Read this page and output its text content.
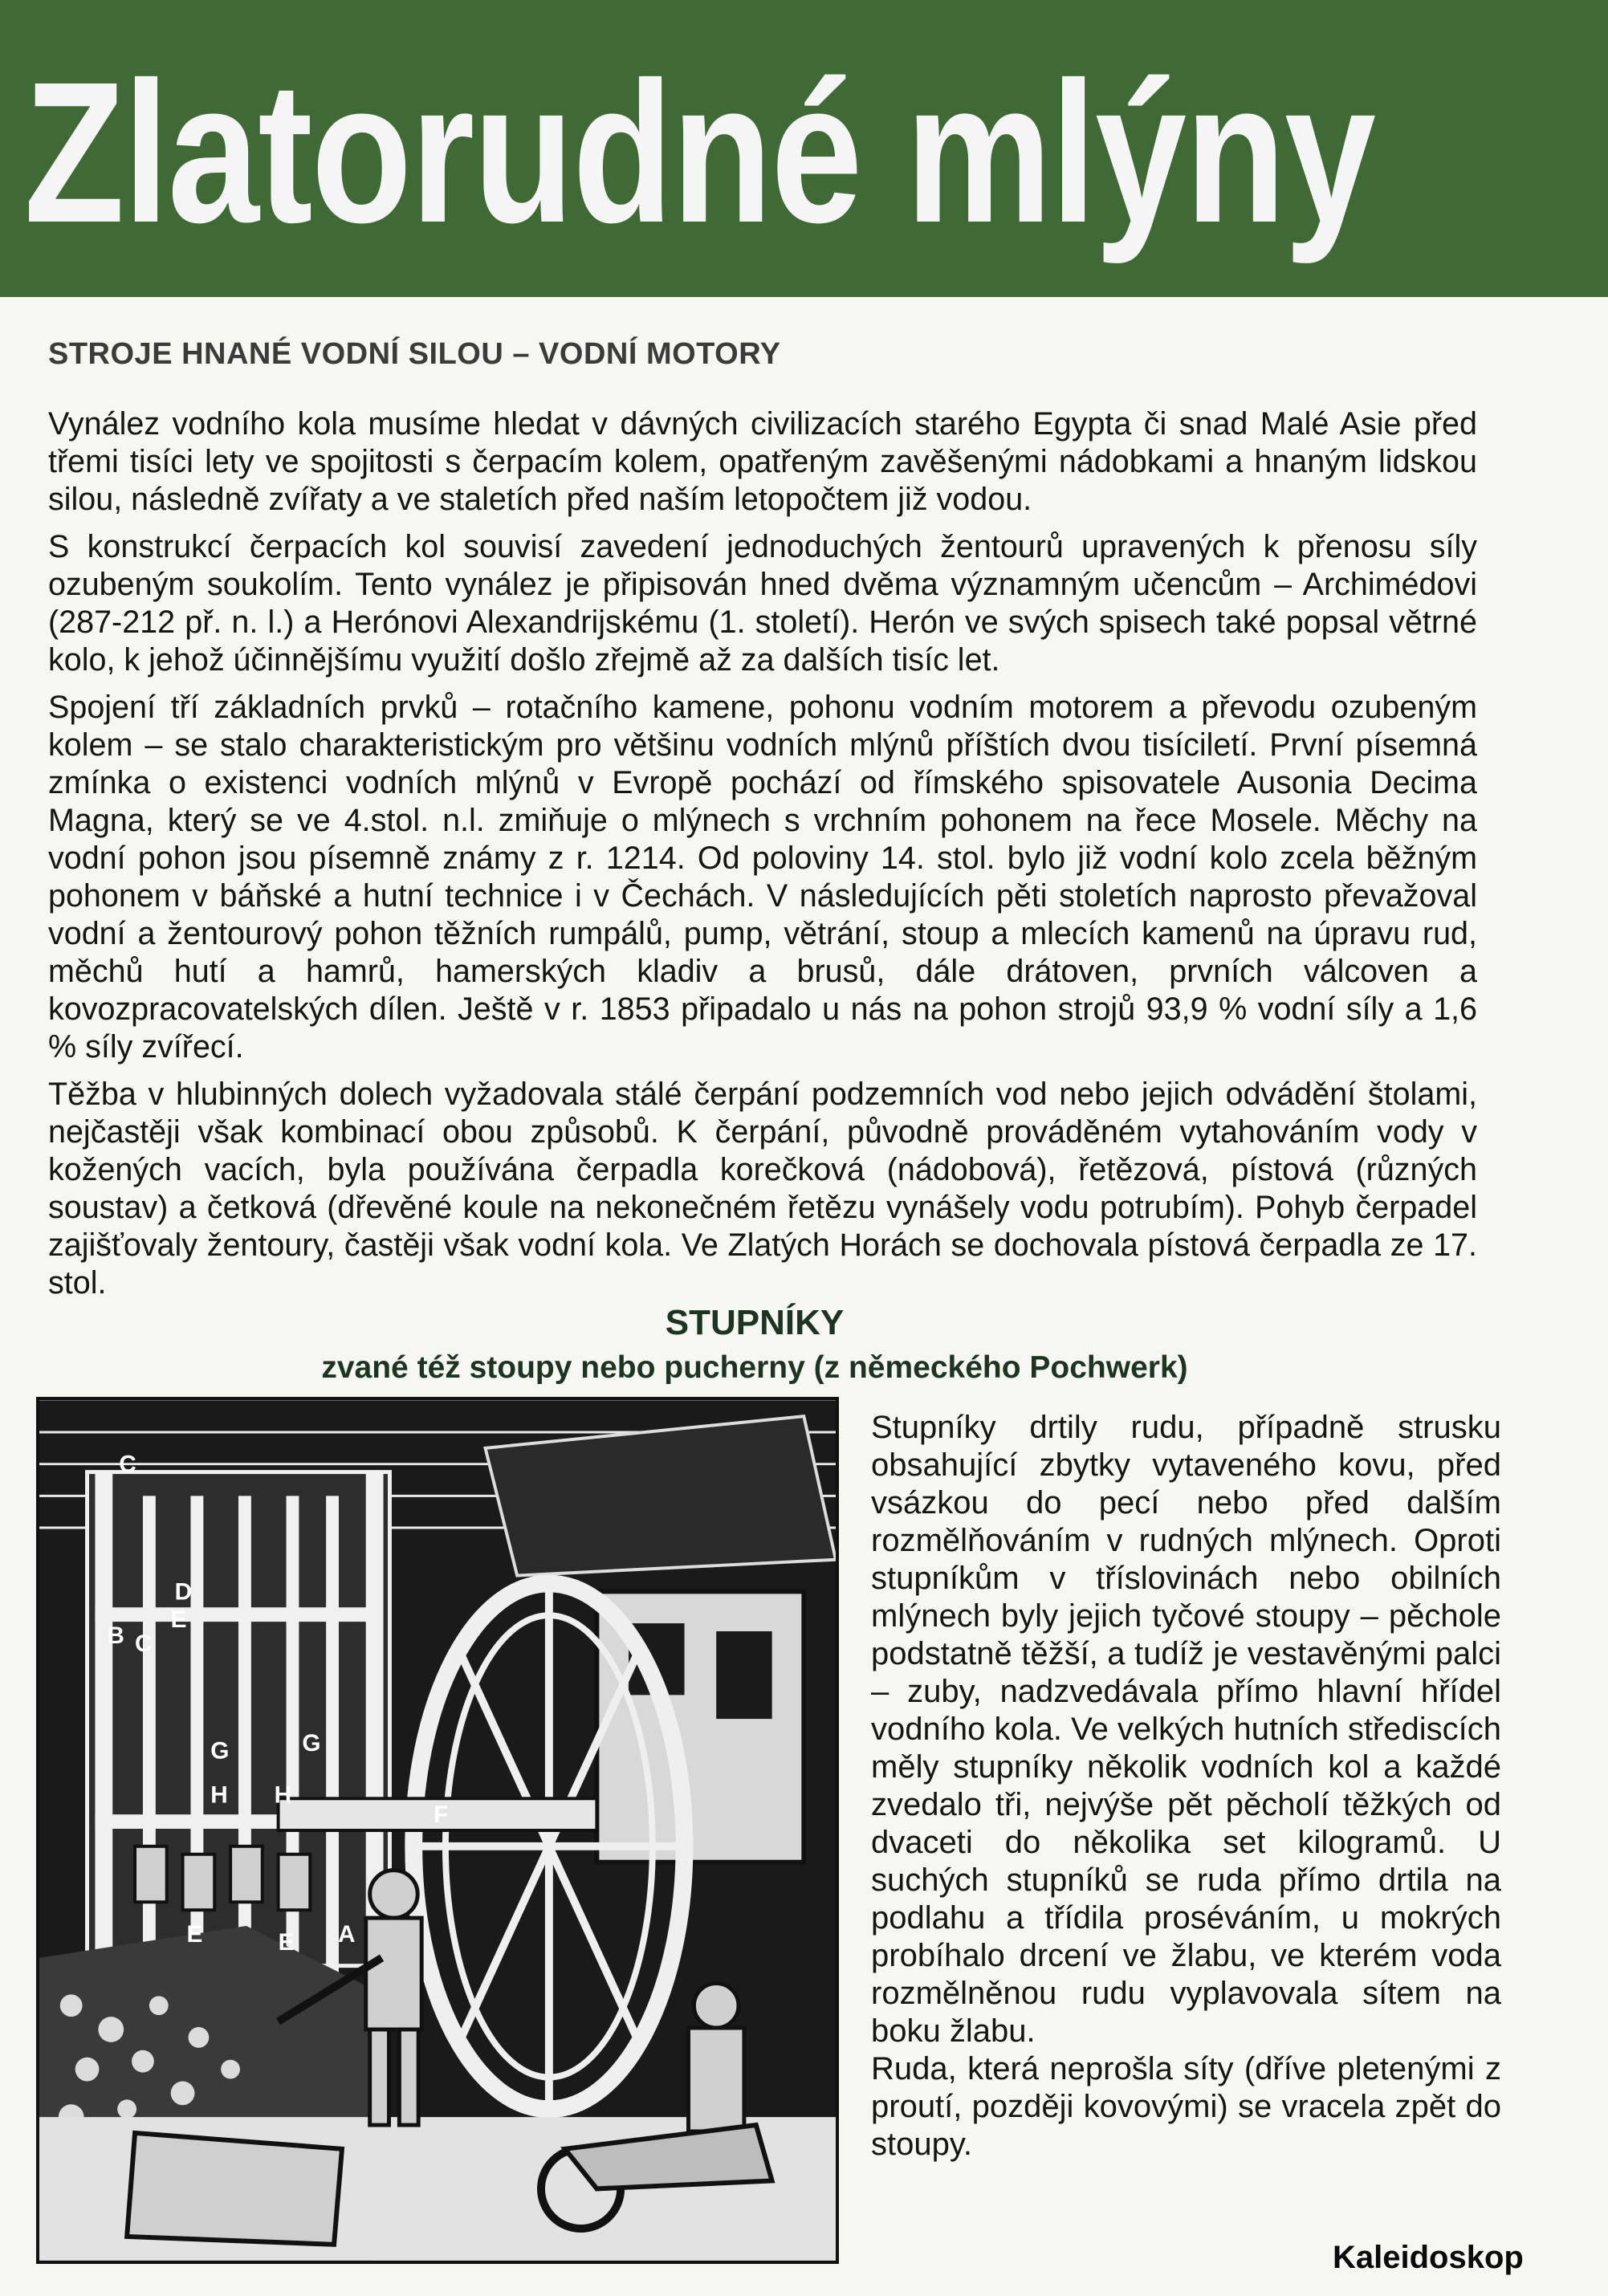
Zlatorudné mlýny
STROJE HNANÉ VODNÍ SILOU – VODNÍ MOTORY

Vynález vodního kola musíme hledat v dávných civilizacích starého Egypta či snad Malé Asie před třemi tisíci lety ve spojitosti s čerpacím kolem, opatřeným zavěšenými nádobkami a hnaným lidskou silou, následně zvířaty a ve staletích před naším letopočtem již vodou.

S konstrukcí čerpacích kol souvisí zavedení jednoduchých žentourů upravených k přenosu síly ozubeným soukolím. Tento vynález je připisován hned dvěma významným učencům – Archimédovi (287-212 př. n. l.) a Herónovi Alexandrijskému (1. století). Herón ve svých spisech také popsal větrné kolo, k jehož účinnějšímu využití došlo zřejmě až za dalších tisíc let.

Spojení tří základních prvků – rotačního kamene, pohonu vodním motorem a převodu ozubeným kolem – se stalo charakteristickým pro většinu vodních mlýnů příštích dvou tisíciletí. První písemná zmínka o existenci vodních mlýnů v Evropě pochází od římského spisovatele Ausonia Decima Magna, který se ve 4.stol. n.l. zmiňuje o mlýnech s vrchním pohonem na řece Mosele. Měchy na vodní pohon jsou písemně známy z r. 1214. Od poloviny 14. stol. bylo již vodní kolo zcela běžným pohonem v báňské a hutní technice i v Čechách. V následujících pěti stoletích naprosto převažoval vodní a žentourový pohon těžních rumpálů, pump, větrání, stoup a mlecích kamenů na úpravu rud, měchů hutí a hamrů, hamerských kladiv a brusů, dále drátoven, prvních válcoven a kovozpracovatelských dílen. Ještě v r. 1853 připadalo u nás na pohon strojů 93,9 % vodní síly a 1,6 % síly zvířecí.

Těžba v hlubinných dolech vyžadovala stálé čerpání podzemních vod nebo jejich odvádění štolami, nejčastěji však kombinací obou způsobů. K čerpání, původně prováděném vytahováním vody v kožených vacích, byla používána čerpadla korečková (nádobová), řetězová, pístová (různých soustav) a četková (dřevěné koule na nekonečném řetězu vynášely vodu potrubím). Pohyb čerpadel zajišťovaly žentoury, častěji však vodní kola. Ve Zlatých Horách se dochovala pístová čerpadla ze 17. stol.

STUPNÍKY
zvané též stoupy nebo pucherny (z německého Pochwerk)
C
D
E
B C
G	G
H H
F
E	E A

Stupníky drtily rudu, případně strusku obsahující zbytky vytaveného kovu, před vsázkou do pecí nebo před dalším rozmělňováním v rudných mlýnech. Oproti stupníkům v tříslovinách nebo obilních mlýnech byly jejich tyčové stoupy – pěchole podstatně těžší, a tudíž je vestavěnými palci – zuby, nadzvedávala přímo hlavní hřídel vodního kola. Ve velkých hutních střediscích měly stupníky několik vodních kol a každé zvedalo tři, nejvýše pět pěcholí těžkých od dvaceti do několika set kilogramů. U suchých stupníků se ruda přímo drtila na podlahu a třídila proséváním, u mokrých probíhalo drcení ve žlabu, ve kterém voda rozmělněnou rudu vyplavovala sítem na boku žlabu.

Ruda, která neprošla síty (dříve pletenými z proutí, později kovovými) se vracela zpět do stoupy.

Kaleidoskop
